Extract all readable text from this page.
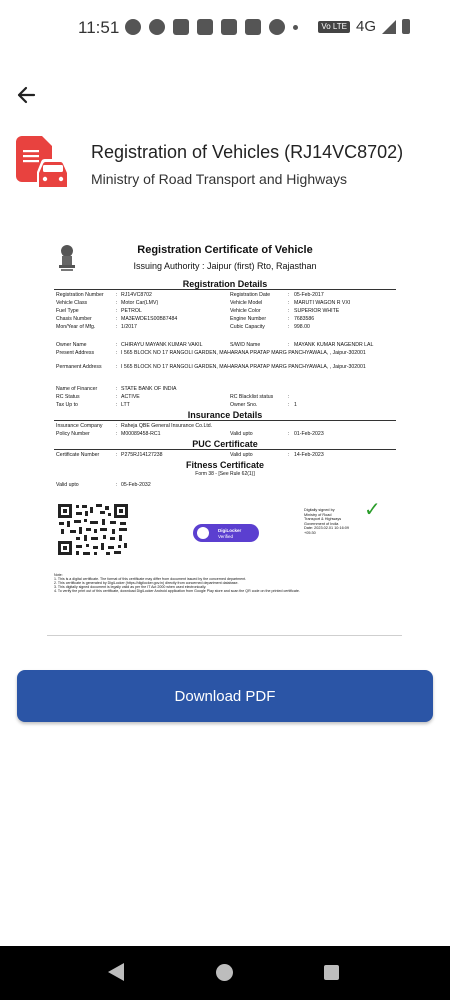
11:51	Vo LTE 4G
Registration of Vehicles (RJ14VC8702)
Ministry of Road Transport and Highways
Registration Certificate of Vehicle
Issuing Authority : Jaipur (first) Rto, Rajasthan
Registration Details
Registration Number : RJ14VC8702	Registration Date	: 05-Feb-2017
Vehicle Class	: Motor Car(LMV)	Vehicle Model	: MARUTI WAGON R VXI
Fuel Type	: PETROL	Vehicle Color	: SUPERIOR WHITE
Chasis Number	: MA3EWDE1S00B87484	Engine Number	: 7683586
Mon/Year of Mfg.	: 1/2017	Cubic Capacity	: 998.00
Owner Name	: CHIRAYU MAYANK KUMAR VAKIL	S/W/D Name	: MAYANK KUMAR NAGENDR LAL
Present Address	: I 565 BLOCK NO 17 RANGOLI GARDEN, MAHARANA PRATAP MARG PANCHYAWALA, , Jaipur-302001
Permanent Address	: I 565 BLOCK NO 17 RANGOLI GARDEN, MAHARANA PRATAP MARG PANCHYAWALA, , Jaipur-302001
Name of Financer	: STATE BANK OF INDIA
RC Status	: ACTIVE	RC Blacklist status	:
Tax Up to	: LTT	Owner Sno.	: 1
Insurance Details
Insurance Company	: Raheja QBE General Insurance Co.Ltd.
Policy Number	: M00089458-RC1	Valid upto	: 01-Feb-2023
PUC Certificate
Certificate Number	: P275RJ14127238	Valid upto	: 14-Feb-2023
Fitness Certificate
Form 38 - [See Rule 62(1)]
Valid upto	: 05-Feb-2032
DigiLocker
Verified
Digitally signed by
Ministry of Road
Transport & Highways
Government of India
Date: 2023.02.01 10:16:09 +05:30
✓
Note:
1. This is a digital certificate. The format of this certificate may differ from document issued by the concerned department.
2. This certificate is generated by DigiLocker (https://digilocker.gov.in) directly from concerned department database.
3. This digitally signed document is legally valid as per the IT Act 2000 when used electronically.
4. To verify the print out of this certificate, download DigiLocker Android application from Google Play store and scan the QR code on the printed certificate.
Download PDF
